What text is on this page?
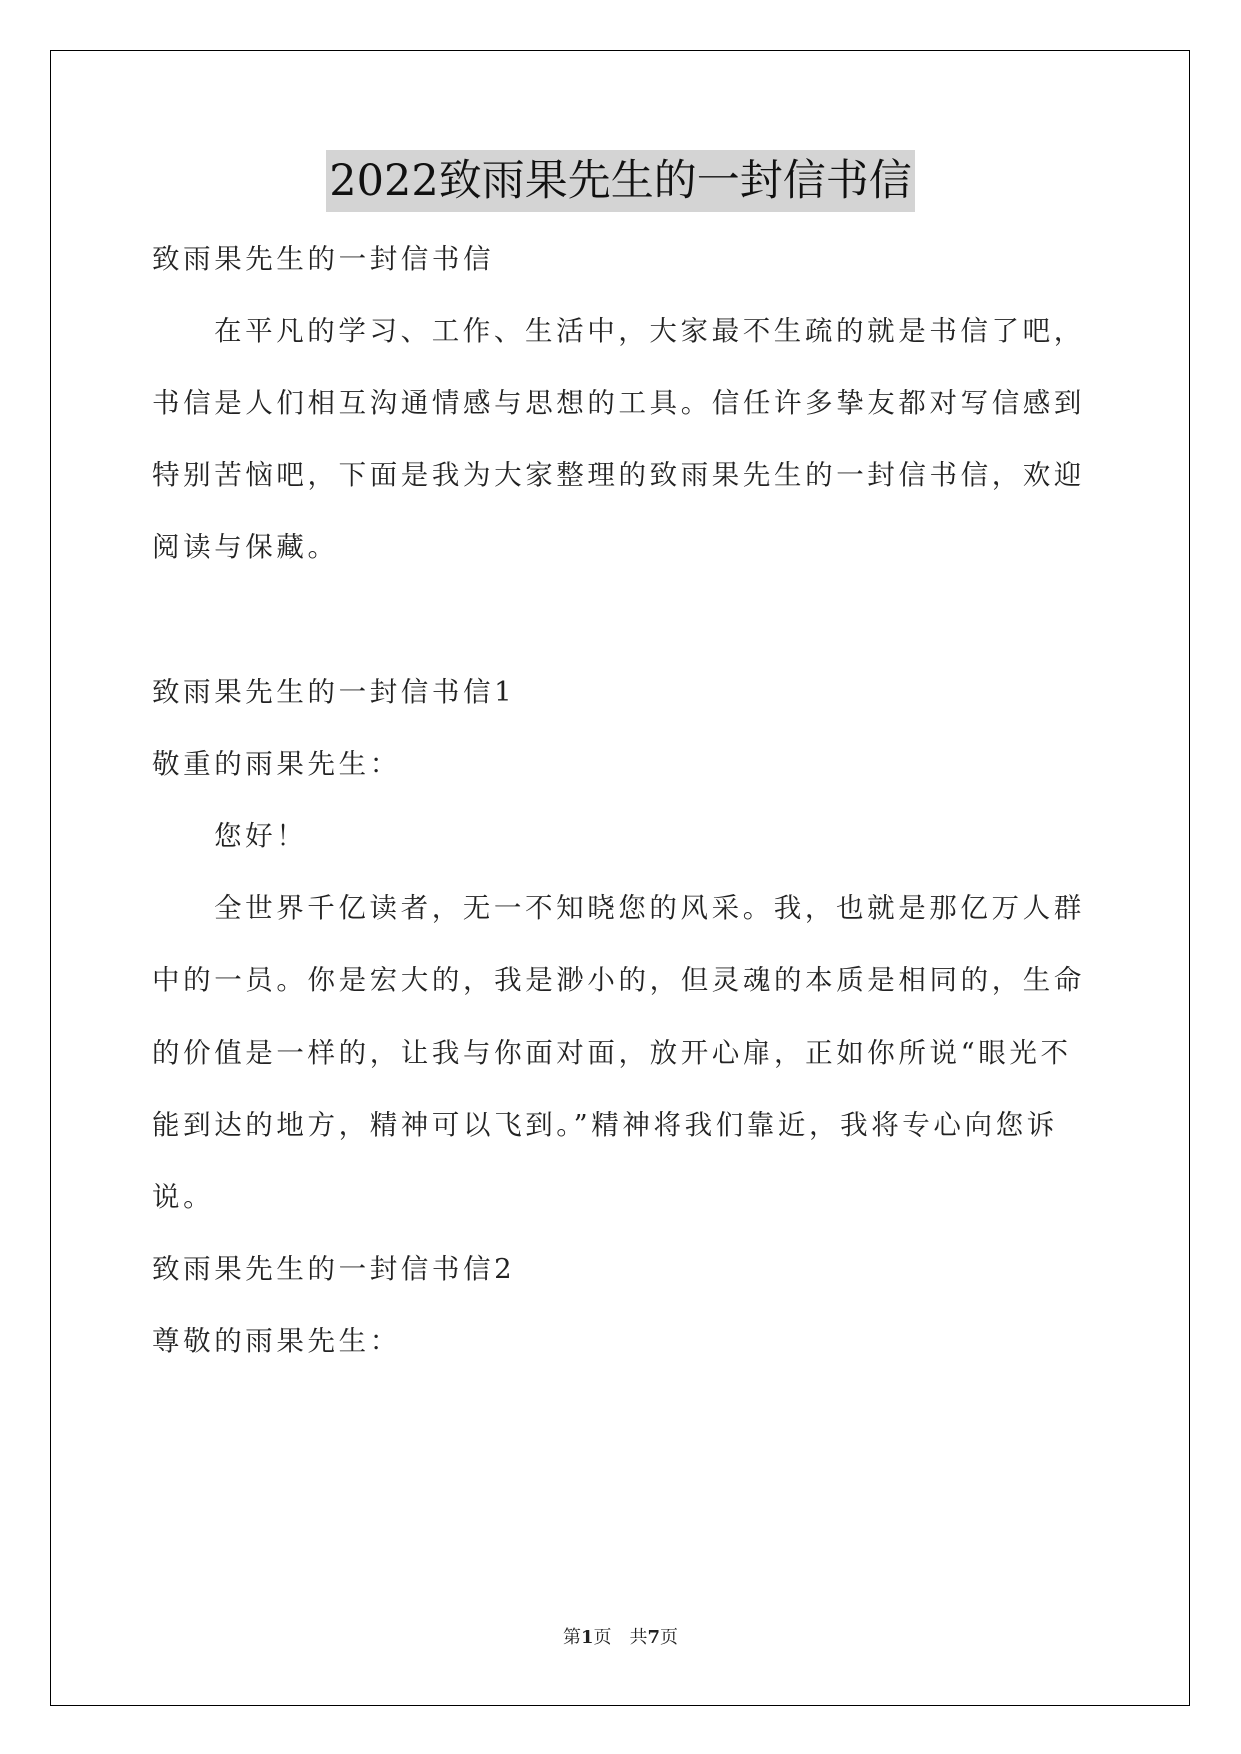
2022致雨果先生的一封信书信
致雨果先生的一封信书信
在平凡的学习、工作、生活中，大家最不生疏的就是书信了吧，
书信是人们相互沟通情感与思想的工具。信任许多挚友都对写信感到
特别苦恼吧，下面是我为大家整理的致雨果先生的一封信书信，欢迎
阅读与保藏。
致雨果先生的一封信书信1
敬重的雨果先生：
您好！
全世界千亿读者，无一不知晓您的风采。我，也就是那亿万人群
中的一员。你是宏大的，我是渺小的，但灵魂的本质是相同的，生命
的价值是一样的，让我与你面对面，放开心扉，正如你所说“眼光不
能到达的地方，精神可以飞到。”精神将我们靠近，我将专心向您诉
说。
致雨果先生的一封信书信2
尊敬的雨果先生：
第1页 共7页
